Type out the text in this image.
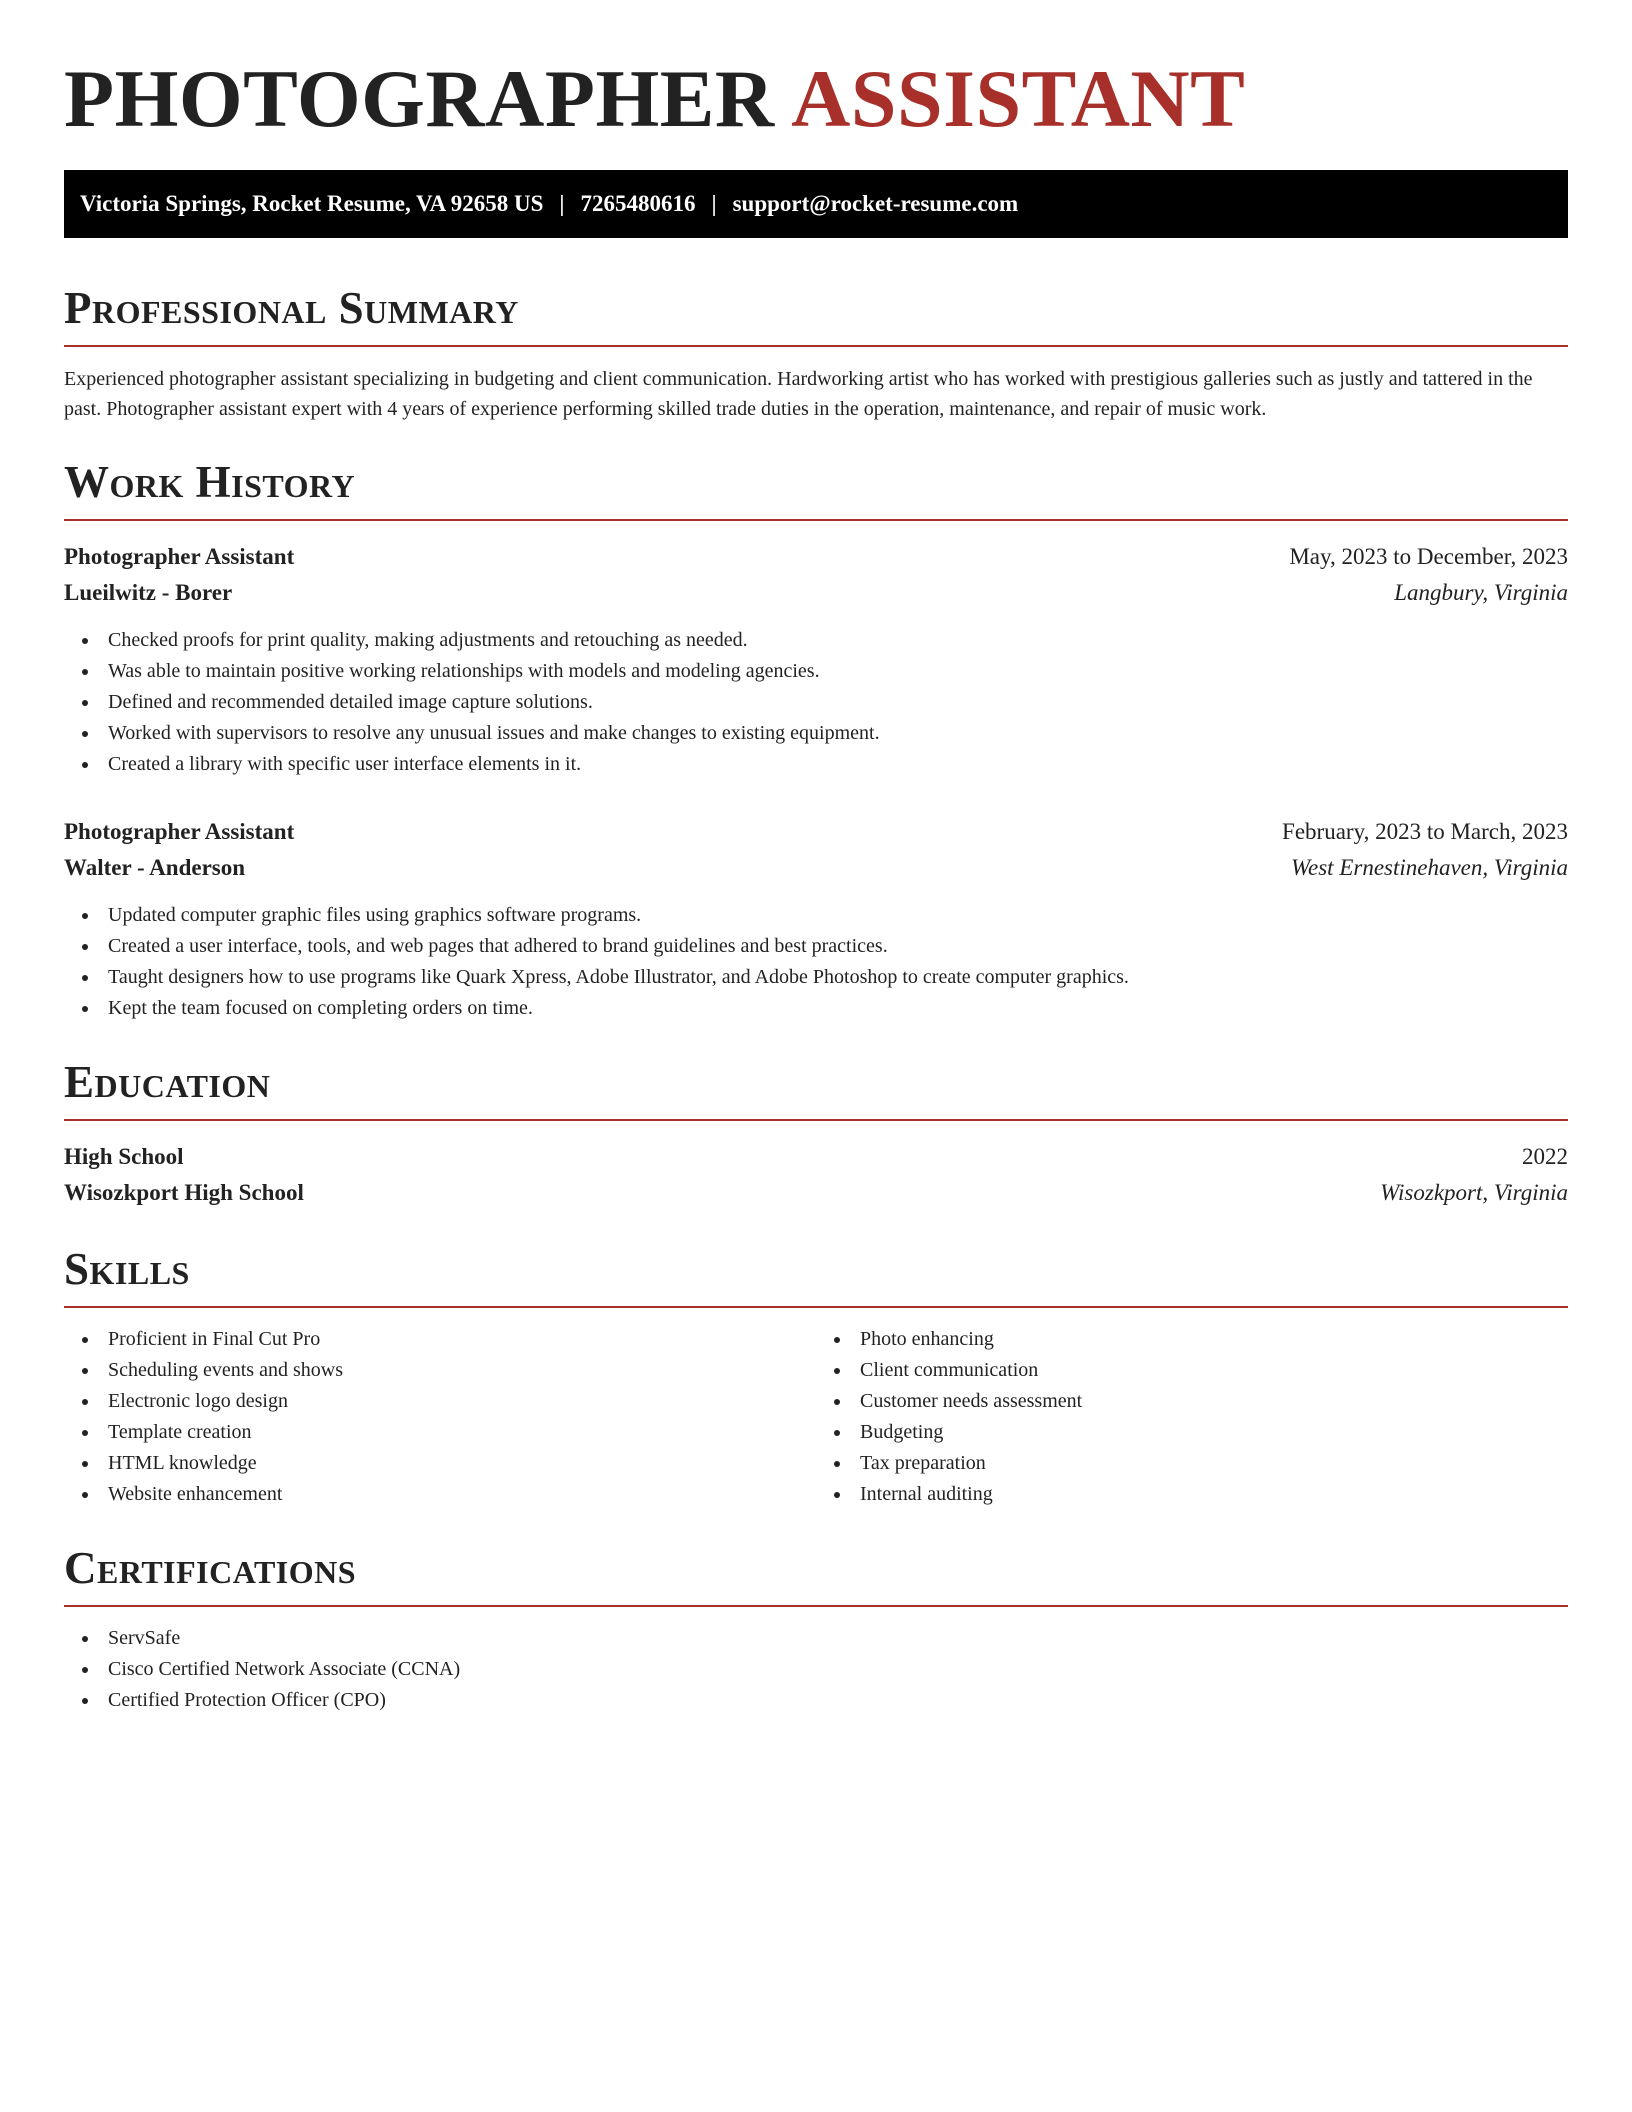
PHOTOGRAPHER ASSISTANT
Victoria Springs, Rocket Resume, VA 92658 US | 7265480616 | support@rocket-resume.com
Professional Summary

Experienced photographer assistant specializing in budgeting and client communication. Hardworking artist who has worked with prestigious galleries such as justly and tattered in the past. Photographer assistant expert with 4 years of experience performing skilled trade duties in the operation, maintenance, and repair of music work.

Work History
Photographer Assistant	May, 2023 to December, 2023
Lueilwitz - Borer	Langbury, Virginia
Checked proofs for print quality, making adjustments and retouching as needed.
Was able to maintain positive working relationships with models and modeling agencies.
Defined and recommended detailed image capture solutions.
Worked with supervisors to resolve any unusual issues and make changes to existing equipment.
Created a library with specific user interface elements in it.
Photographer Assistant	February, 2023 to March, 2023
Walter - Anderson	West Ernestinehaven, Virginia
Updated computer graphic files using graphics software programs.
Created a user interface, tools, and web pages that adhered to brand guidelines and best practices.
Taught designers how to use programs like Quark Xpress, Adobe Illustrator, and Adobe Photoshop to create computer graphics.
Kept the team focused on completing orders on time.
Education
High School	2022
Wisozkport High School	Wisozkport, Virginia
Skills
Proficient in Final Cut Pro
Scheduling events and shows
Electronic logo design
Template creation
HTML knowledge
Website enhancement
Photo enhancing
Client communication
Customer needs assessment
Budgeting
Tax preparation
Internal auditing
Certifications
ServSafe
Cisco Certified Network Associate (CCNA)
Certified Protection Officer (CPO)
